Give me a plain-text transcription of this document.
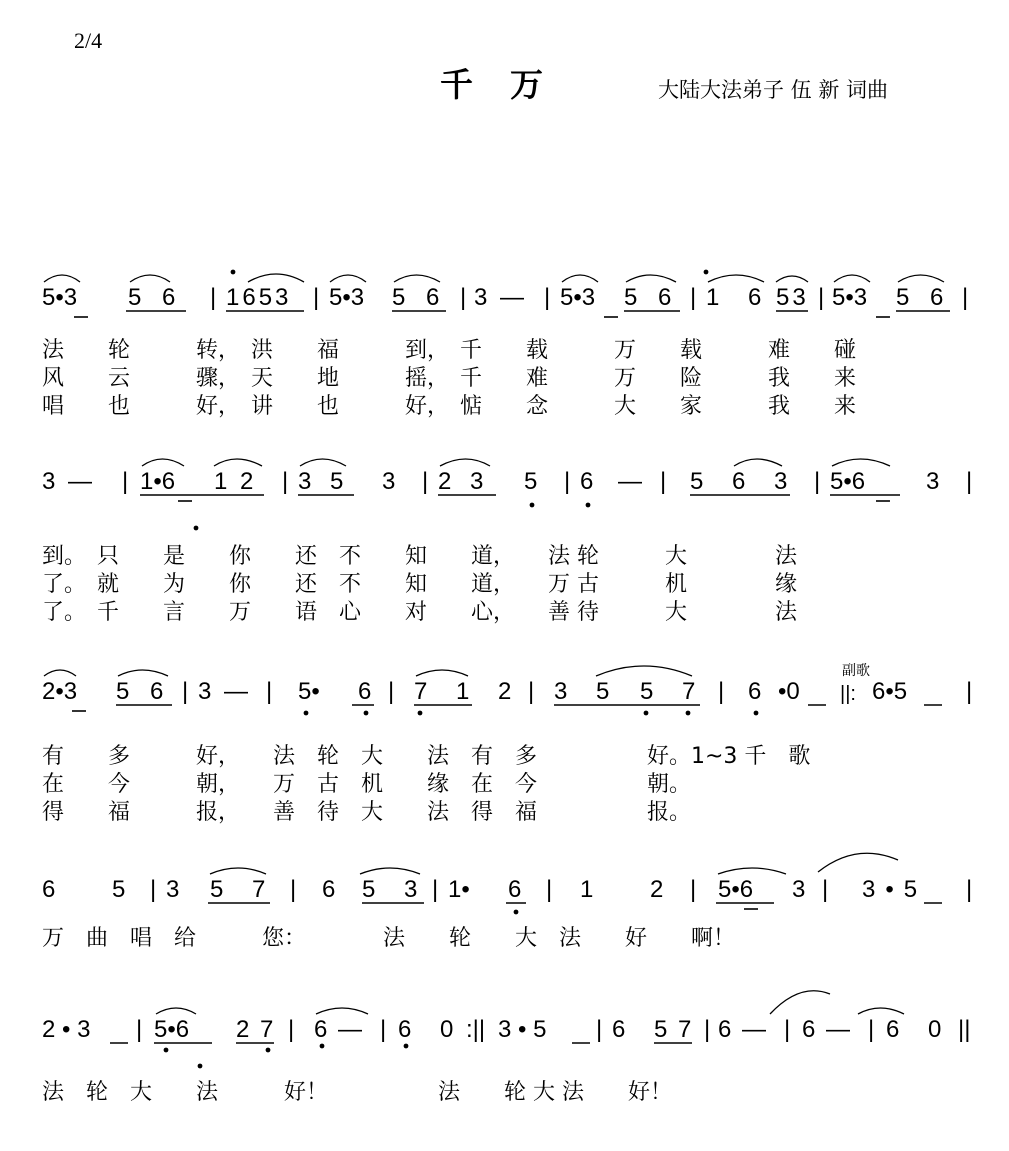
2/4
千　万	大陆大法弟子 伍 新 词曲
5•3 5 6 | 1653 | 5•3 5 6 | 3 — | 5•3 5 6 | 1 6 53 | 5•3 5 6 |
法　　轮　　　转，　洪　　福　　　到，　千　　载　　　万　　载　　　难　　碰
风　　云　　　骤，　天　　地　　　摇，　千　　难　　　万　　险　　　我　　来
唱　　也　　　好，　讲　　也　　　好，　惦　　念　　　大　　家　　　我　　来
3 — | 1•6 1 2 | 3 5 3 | 2 3 5 | 6 — | 5 6 3 | 5•6	3 |
到。　只　　是　　你　　还　不　　知　　道，　　法 轮　　　大　　　　法
了。　就　　为　　你　　还　不　　知　　道，　　万 古　　　机　　　　缘
了。　千　　言　　万　　语　心　　对　　心，　　善 待　　　大　　　　法
2•3 5 6 | 3 — | 5• 6 | 7 1 2 | 3 5 5 7 | 6 •0 ||: 6•5 |
副歌
有　　多　　　好，　　法　轮　大　　法　有　多　　　　　好。1~3 千　歌
在　　今　　　朝，　　万　古　机　　缘　在　今　　　　　朝。
得　　福　　　报，　　善　待　大　　法　得　福　　　　　报。
6 5 | 3 5 7 | 6 5 3 | 1• 6 | 1 2 | 5•6 3 | 3•5 |
万　曲　唱　给　　　您：　　　　法　　轮　　大　法　　好　　啊！
2 • 3 | 5•6 2 7 | 6 — | 6 0 :|| 3 • 5 | 6 5 7 | 6 — | 6 — | 6 0 ||
法　轮　大　　法　　　好！　　　　　法　　轮 大 法　　好！
